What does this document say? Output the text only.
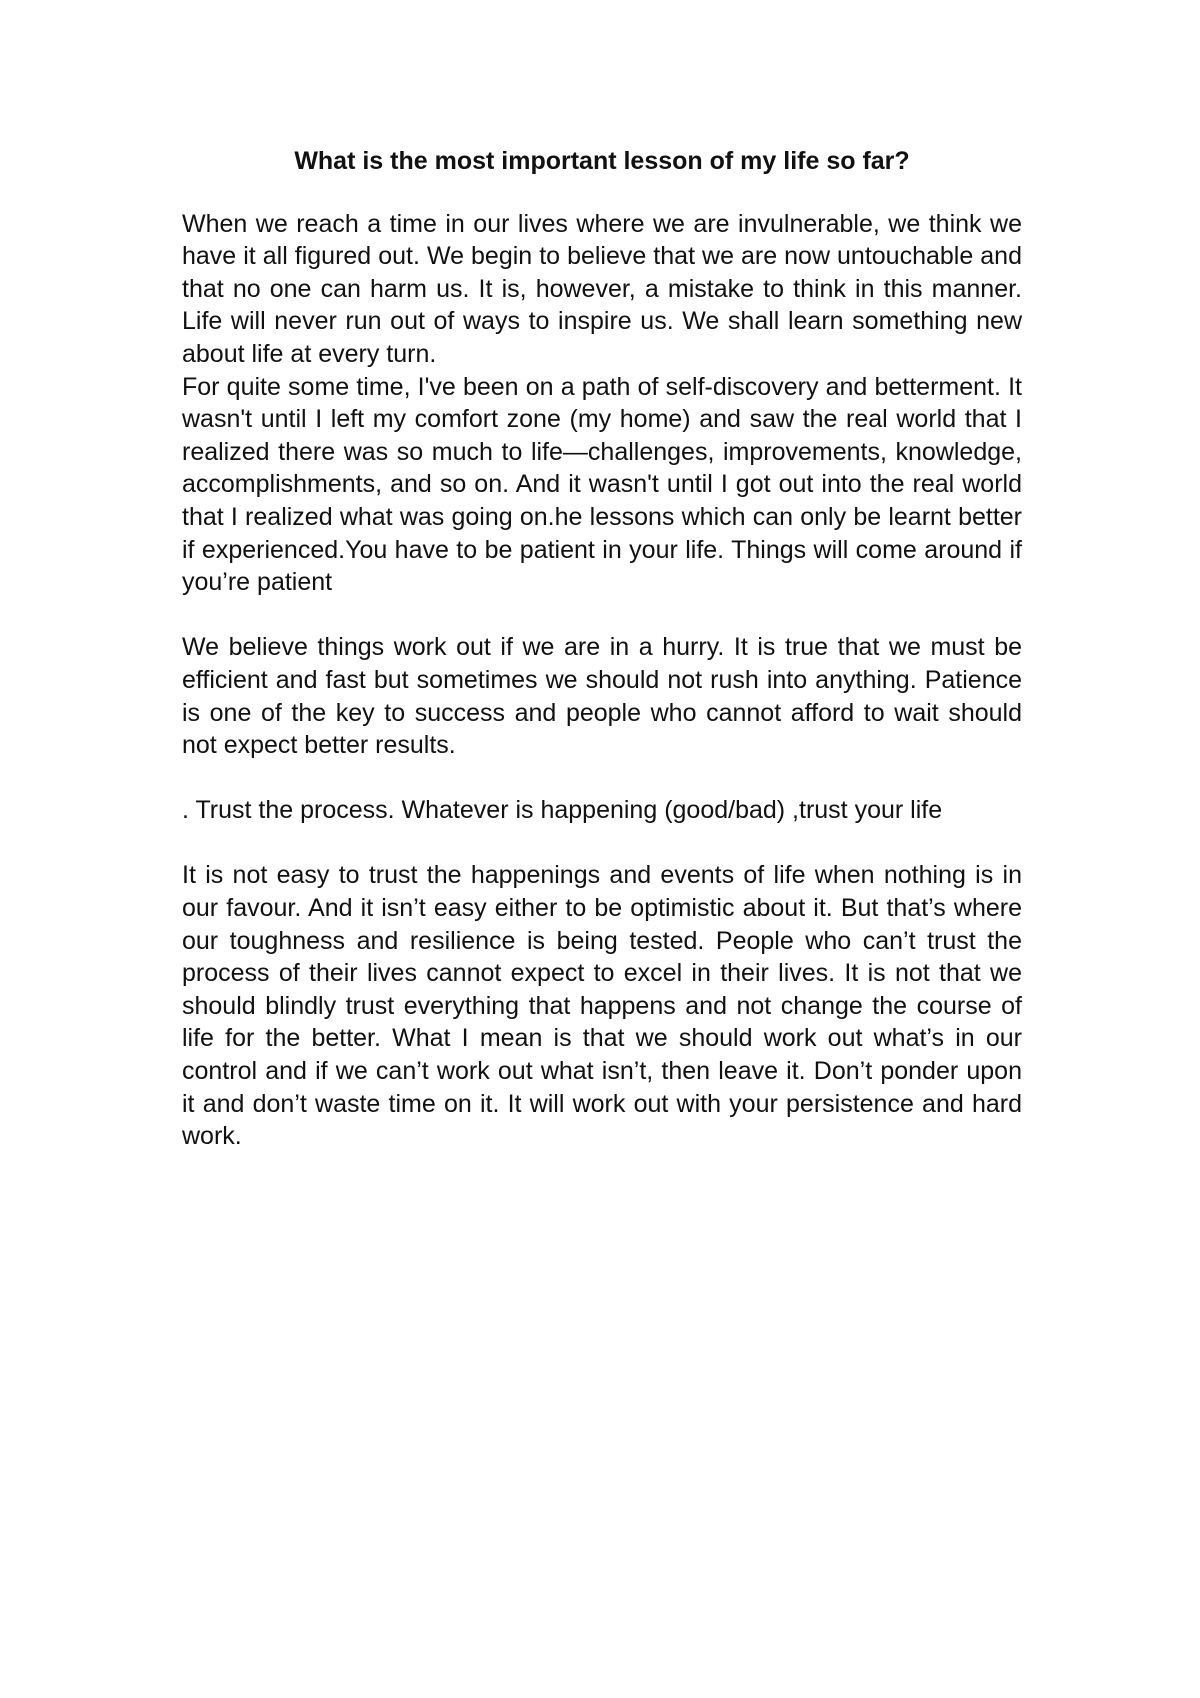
What is the most important lesson of my life so far?

When we reach a time in our lives where we are invulnerable, we think we have it all figured out. We begin to believe that we are now untouchable and that no one can harm us. It is, however, a mistake to think in this manner. Life will never run out of ways to inspire us. We shall learn something new about life at every turn.

For quite some time, I've been on a path of self-discovery and betterment. It wasn't until I left my comfort zone (my home) and saw the real world that I realized there was so much to life—challenges, improvements, knowledge, accomplishments, and so on. And it wasn't until I got out into the real world that I realized what was going on.he lessons which can only be learnt better if experienced.You have to be patient in your life. Things will come around if you’re patient

We believe things work out if we are in a hurry. It is true that we must be efficient and fast but sometimes we should not rush into anything. Patience is one of the key to success and people who cannot afford to wait should not expect better results.

. Trust the process. Whatever is happening (good/bad) ,trust your life

It is not easy to trust the happenings and events of life when nothing is in our favour. And it isn’t easy either to be optimistic about it. But that’s where our toughness and resilience is being tested. People who can’t trust the process of their lives cannot expect to excel in their lives. It is not that we should blindly trust everything that happens and not change the course of life for the better. What I mean is that we should work out what’s in our control and if we can’t work out what isn’t, then leave it. Don’t ponder upon it and don’t waste time on it. It will work out with your persistence and hard work.
